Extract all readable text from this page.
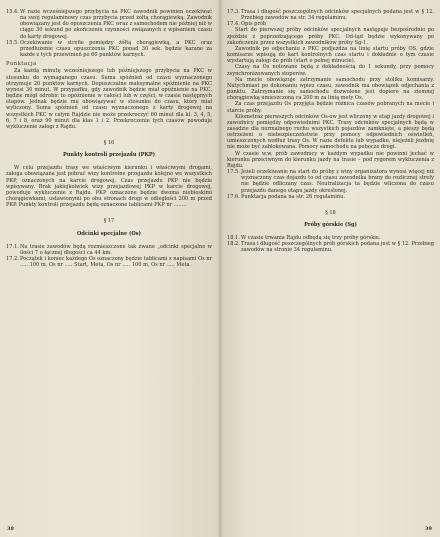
15.4. W razie wcześniejszego przybycia na PKC zawodnik powinien oczekiwać na swój regulaminowy czas przybycia przed żółtą chorągiewką. Zawodnik obowiązany jest do opuszczenia PKC wraz z samochodem nie później niż w ciągu 30 sekund po ukończeniu czynności związanych z wpisaniem czasu do karty drogowej.
15.5. Oczekiwanie w strefie pomiędzy żółtą chorągiewką, a PKC oraz przedłużenie czasu opuszczenia PKC ponad 30 sek. będzie karane za każde z tych przewinień po 60 punktów karnych.
Punktacja

Za każdą minutę wcześniejszego lub późniejszego przybycia na PKC w stosunku do wymaganego czasu. Suma spóźnień od czasu wyznaczonego otrzymuje 20 punktów karnych. Dopuszczalne maksymalne spóźnienie na PKC wynosi 30 minut. W przypadku, gdy zawodnik będzie miał opóźnienie na PKC, będzie mógł odrobić to opóźnienie w całości lub w części, w czasie następnych etapów. Jednak będzie mu obowiązywać w stosunku do czasu, który miał wyliczony. Suma spóźnień od czasu wyznaczonego z karty drogowej na wszystkich PKC w całym Rajdzie nie może przekroczyć 60 minut dla kl. 3, 4, 5, 6, 7 i 8, oraz 90 minut dla klas 1 i 2. Przekroczenie tych czasów powoduje wykluczenie załogi z Rajdu.

§ 16
Punkty kontroli przejazdu (PKP)

W celu przejazdu trasy we właściwym kierunku i właściwymi drogami, załoga obowiązana jest pobrać wizy kontrolne przejazdu kolejno we wszystkich PKP, oznaczonych na karcie drogowej. Czas przejazdu PKP nie będzie wpisywany. Brak jakiejkolwiek wizy przejazdowej PKP w karcie drogowej, powoduje wykluczenie z Rajdu. PKP oznaczone będzie dwoma niebieskimi chorągiewkami, ustawionymi po obu stronach drogi w odległości 200 m przed PKP. Punkty kontroli przejazdu będą oznaczone tablicami PKP nr ........

§ 17
Odcinki specjalne (Os)
17.1. Na trasie zawodów będą rozmieszczone tak zwane „odcinki specjalne w ilości 7 o łącznej długości ca 44 km.
17.2. Początek i koniec każdego Os oznaczony będzie tablicami z napisami Os nr ..... 100 m, Os nr ..... Start, Meta, Os nr ..... 100 m, Os nr ..... Meta.
38
17.3. Trasa i długość poszczególnych odcinków specjalnych podana jest w § 12. Przebieg zawodów na str. 34 regulaminu.
17.4. Opis prób

Start do pierwszej próby odcinków specjalnych następuje bezpośrednio po zjeździe z poprzedzającego próby PKC. Od-tąd będzie wykonywany po zakończeniu przez wszystkich zawodników próby Sg-1.

Zawodnik po odjechaniu z PKC podjeżdża na linię startu próby OS, gdzie komisarze wpisują do kart kontrolnych czas startu i dokładnie o tym czasie wystartują załogi do prób (start o pełnej minucie).

Czasy na Os notowane będą z dokładnością do 1 sekundy, przy pomocy zsynchronizowanych stoperów.

Na mecie obowiązuje zatrzymanie samochodu przy stoliku komisarzy. Natychmiast po dokonaniu wpisu czasu, zawodnik ma obowiązek odjechania z punktu. Zatrzymanie się samochodu dozwolone jest dopiero na ziemnej chorągiewką umieszczoną ca 200 m za linią mety Os.

Za czas przejazdu Os przyjęta będzie różnica czasów pobranych na mecie i starcie próby.

Kilometraż pierwszych odcinków Os-ów jest wliczony w etap jazdy drogowej i zawodnicy pomiędzy odpowiednimi PKC. Trasy odcinków specjalnych będą w zasadzie dla normalnego ruchu wszystkich pojazdów zamknięte, a pieszy będą ostrzeżeni o niebezpieczeństwie przy pomocy odpowiednich oświetleń, umieszczonych wzdłuż trasy Os. W razie defektu lub wypadku, niejeżeli jezdnię nie może być zablokowana. Pomocy samochodu na pobocze drogi.

W czasie w.w. prób zawodnicy w każdym wypadku nie powinni jechać w kierunku przeciwnym do kierunku jazdy na trasie – pod rygorem wykluczenia z Rajdu.

17.5. Jeżeli oczekiwanie na start do próby z winy organizatora wynosi więcej niż wyznaczony czas dojazdu to od czasu zawodnika brany do rozlicznej strefy nie będzie odliczany czas. Neutralizacja ta będzie wliczona do czasu przejazdu danego etapu jazdy określonej.
17.6. Punktacja podana na str. 26 regulaminu.
§ 18
Próby górskie (Sg)
18.1. W czasie trwania Rajdu odbędą się trzy próby górskie.
18.2. Trasa i długość poszczególnych prób górskich podana jest w § 12. Przebieg zawodów na stronie 34 regulaminu.
39
